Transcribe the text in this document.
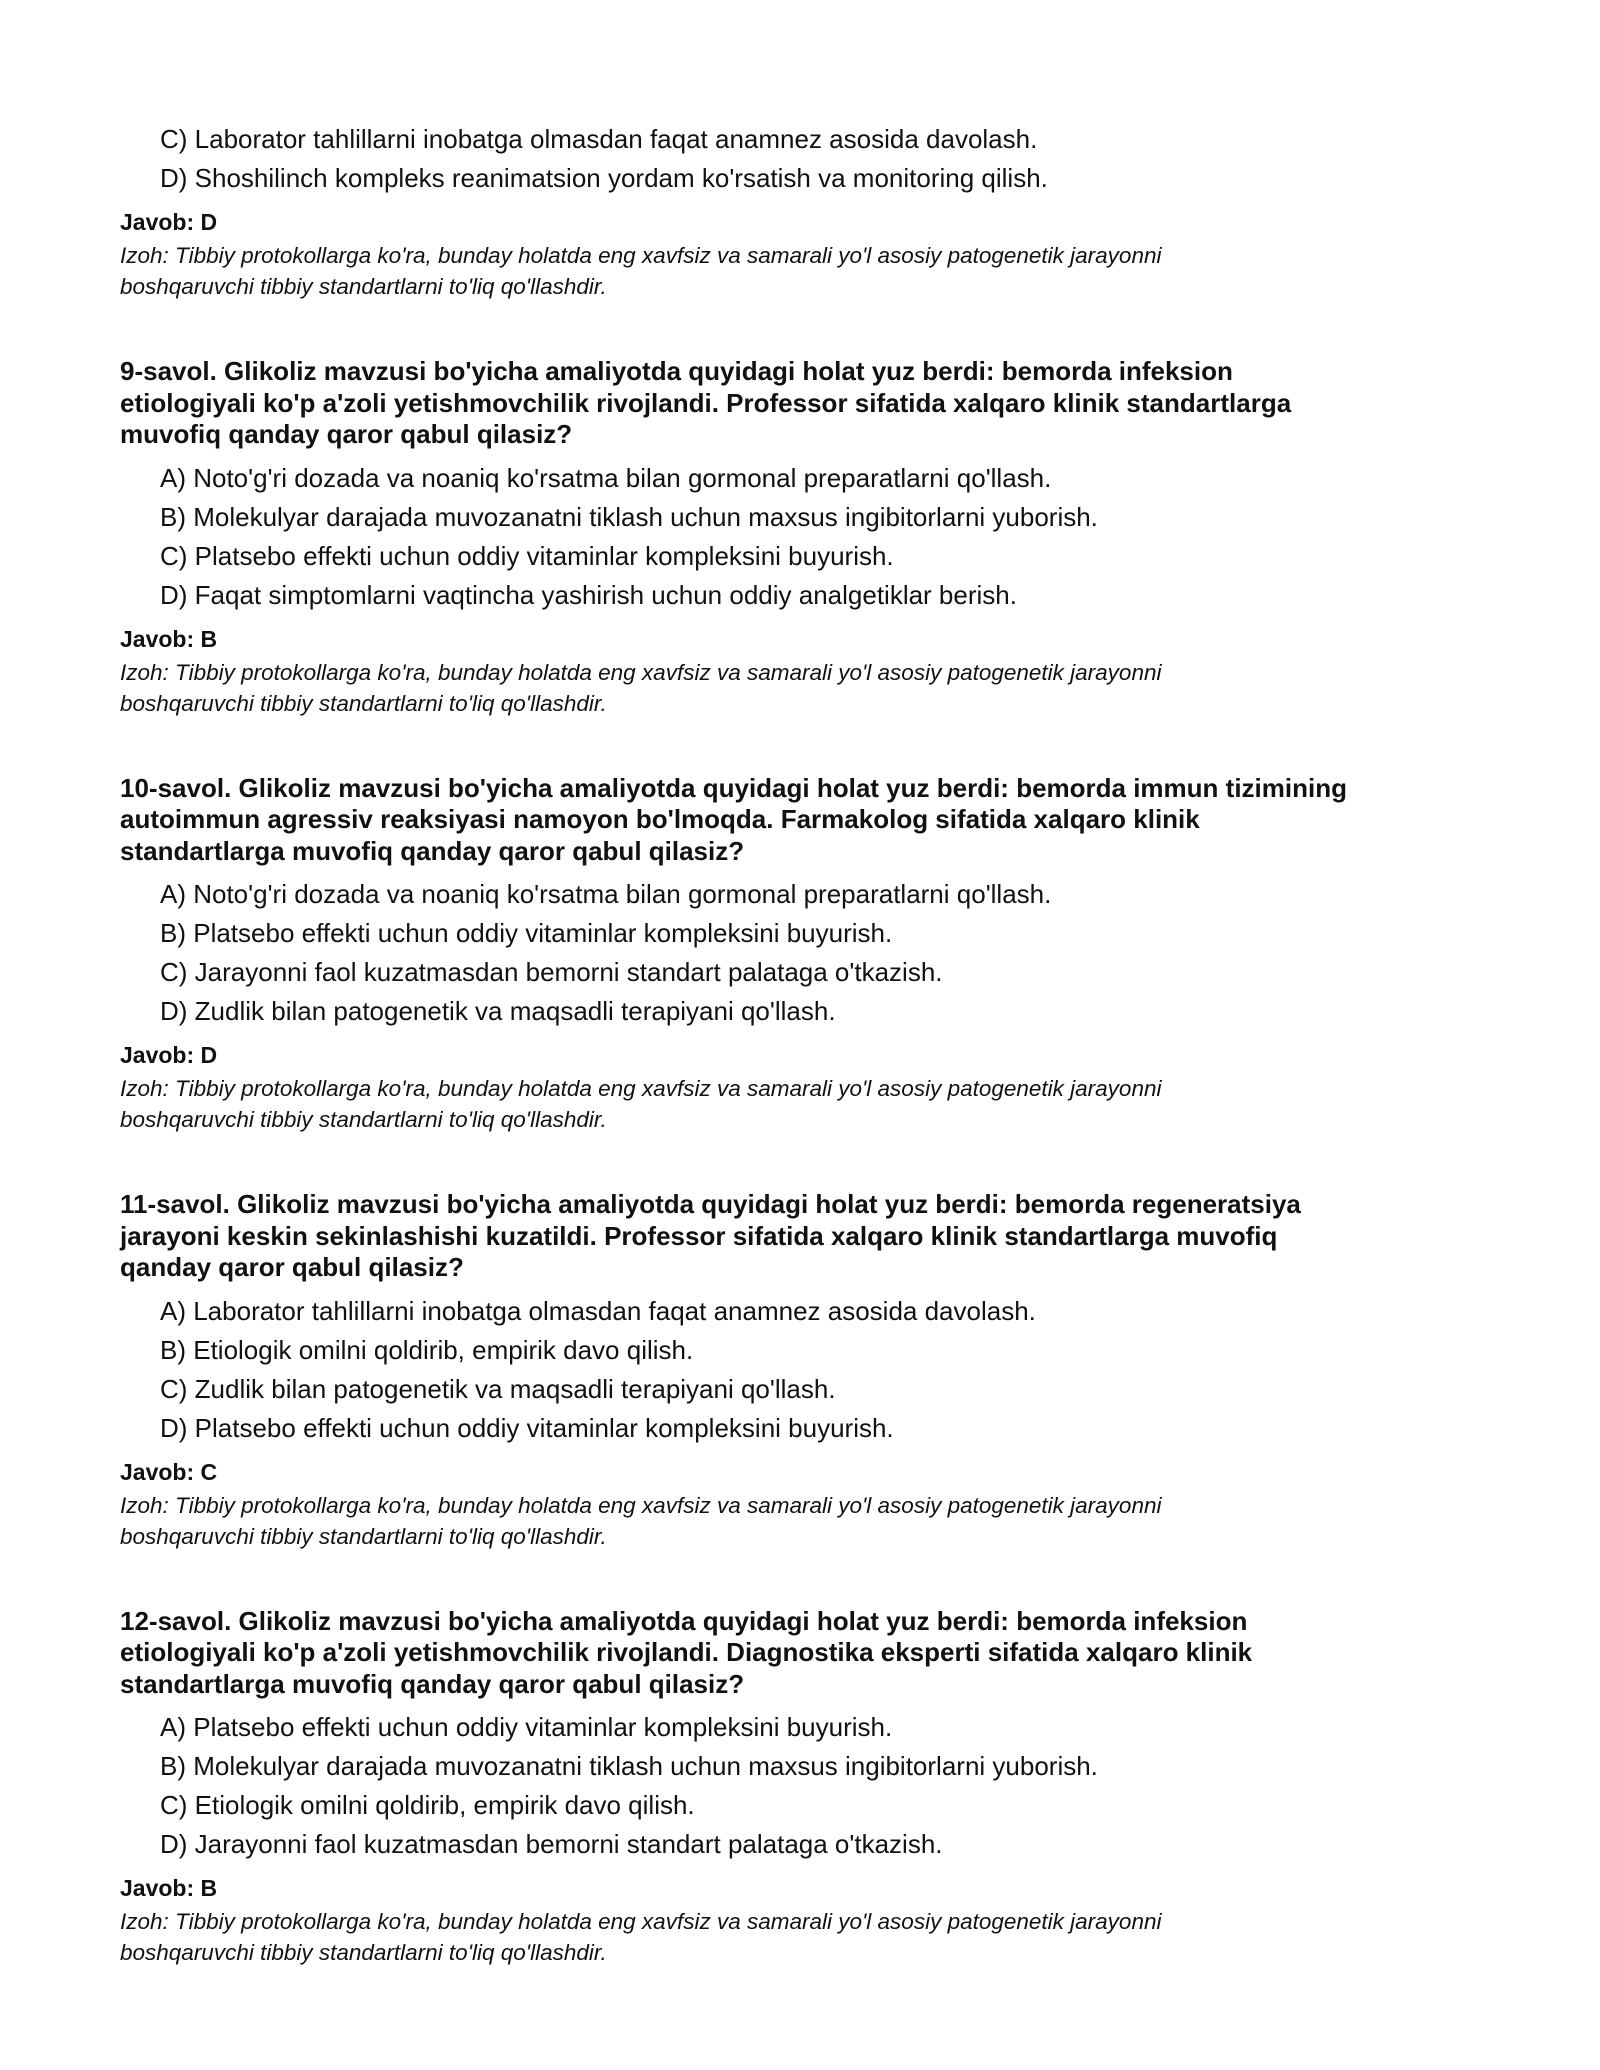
C) Laborator tahlillarni inobatga olmasdan faqat anamnez asosida davolash.
D) Shoshilinch kompleks reanimatsion yordam ko'rsatish va monitoring qilish.
Javob: D
Izoh: Tibbiy protokollarga ko'ra, bunday holatda eng xavfsiz va samarali yo'l asosiy patogenetik jarayonni
boshqaruvchi tibbiy standartlarni to'liq qo'llashdir.
9-savol. Glikoliz mavzusi bo'yicha amaliyotda quyidagi holat yuz berdi: bemorda infeksion
etiologiyali ko'p a'zoli yetishmovchilik rivojlandi. Professor sifatida xalqaro klinik standartlarga
muvofiq qanday qaror qabul qilasiz?
A) Noto'g'ri dozada va noaniq ko'rsatma bilan gormonal preparatlarni qo'llash.
B) Molekulyar darajada muvozanatni tiklash uchun maxsus ingibitorlarni yuborish.
C) Platsebo effekti uchun oddiy vitaminlar kompleksini buyurish.
D) Faqat simptomlarni vaqtincha yashirish uchun oddiy analgetiklar berish.
Javob: B
Izoh: Tibbiy protokollarga ko'ra, bunday holatda eng xavfsiz va samarali yo'l asosiy patogenetik jarayonni
boshqaruvchi tibbiy standartlarni to'liq qo'llashdir.
10-savol. Glikoliz mavzusi bo'yicha amaliyotda quyidagi holat yuz berdi: bemorda immun tizimining
autoimmun agressiv reaksiyasi namoyon bo'lmoqda. Farmakolog sifatida xalqaro klinik
standartlarga muvofiq qanday qaror qabul qilasiz?
A) Noto'g'ri dozada va noaniq ko'rsatma bilan gormonal preparatlarni qo'llash.
B) Platsebo effekti uchun oddiy vitaminlar kompleksini buyurish.
C) Jarayonni faol kuzatmasdan bemorni standart palataga o'tkazish.
D) Zudlik bilan patogenetik va maqsadli terapiyani qo'llash.
Javob: D
Izoh: Tibbiy protokollarga ko'ra, bunday holatda eng xavfsiz va samarali yo'l asosiy patogenetik jarayonni
boshqaruvchi tibbiy standartlarni to'liq qo'llashdir.
11-savol. Glikoliz mavzusi bo'yicha amaliyotda quyidagi holat yuz berdi: bemorda regeneratsiya
jarayoni keskin sekinlashishi kuzatildi. Professor sifatida xalqaro klinik standartlarga muvofiq
qanday qaror qabul qilasiz?
A) Laborator tahlillarni inobatga olmasdan faqat anamnez asosida davolash.
B) Etiologik omilni qoldirib, empirik davo qilish.
C) Zudlik bilan patogenetik va maqsadli terapiyani qo'llash.
D) Platsebo effekti uchun oddiy vitaminlar kompleksini buyurish.
Javob: C
Izoh: Tibbiy protokollarga ko'ra, bunday holatda eng xavfsiz va samarali yo'l asosiy patogenetik jarayonni
boshqaruvchi tibbiy standartlarni to'liq qo'llashdir.
12-savol. Glikoliz mavzusi bo'yicha amaliyotda quyidagi holat yuz berdi: bemorda infeksion
etiologiyali ko'p a'zoli yetishmovchilik rivojlandi. Diagnostika eksperti sifatida xalqaro klinik
standartlarga muvofiq qanday qaror qabul qilasiz?
A) Platsebo effekti uchun oddiy vitaminlar kompleksini buyurish.
B) Molekulyar darajada muvozanatni tiklash uchun maxsus ingibitorlarni yuborish.
C) Etiologik omilni qoldirib, empirik davo qilish.
D) Jarayonni faol kuzatmasdan bemorni standart palataga o'tkazish.
Javob: B
Izoh: Tibbiy protokollarga ko'ra, bunday holatda eng xavfsiz va samarali yo'l asosiy patogenetik jarayonni
boshqaruvchi tibbiy standartlarni to'liq qo'llashdir.
